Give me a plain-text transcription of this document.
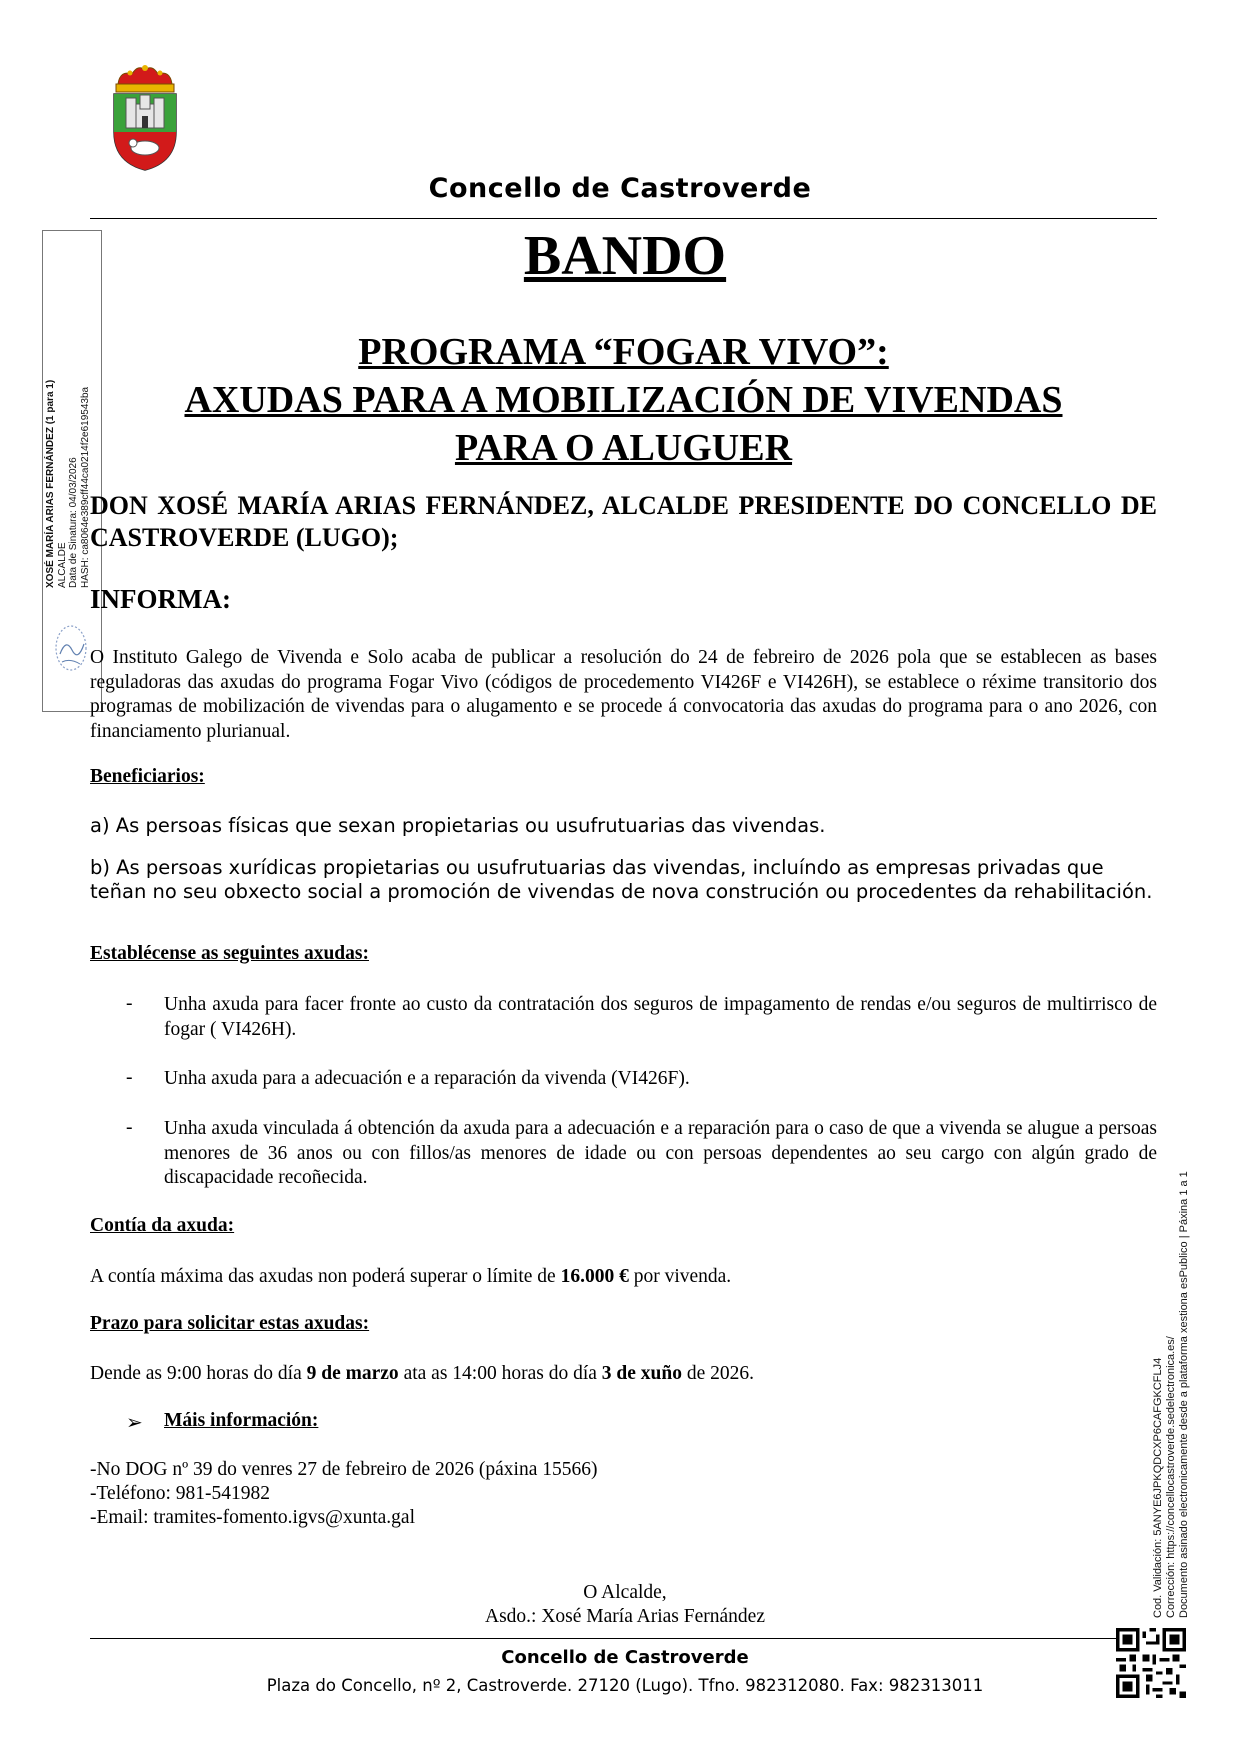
Concello de Castroverde
BANDO
PROGRAMA “FOGAR VIVO”:
AXUDAS PARA A MOBILIZACIÓN DE VIVENDAS
PARA O ALUGUER
XOSÉ MARÍA ARIAS FERNÁNDEZ (1 para 1) ALCALDE Data de Sinatura: 04/03/2026 HASH: ca8064e389cff44ca0214f2e619543ba DON XOSÉ MARÍA ARIAS FERNÁNDEZ, ALCALDE PRESIDENTE DO CONCELLO DE CASTROVERDE (LUGO);
INFORMA:
O Instituto Galego de Vivenda e Solo acaba de publicar a resolución do 24 de febreiro de 2026 pola que se establecen as bases reguladoras das axudas do programa Fogar Vivo (códigos de procedemento VI426F e VI426H), se establece o réxime transitorio dos programas de mobilización de vivendas para o alugamento e se procede á convocatoria das axudas do programa para o ano 2026, con financiamento plurianual.
Beneficiarios:
a) As persoas físicas que sexan propietarias ou usufrutuarias das vivendas.
b) As persoas xurídicas propietarias ou usufrutuarias das vivendas, incluíndo as empresas privadas que teñan no seu obxecto social a promoción de vivendas de nova construción ou procedentes da rehabilitación.
Establécense as seguintes axudas:
- Unha axuda para facer fronte ao custo da contratación dos seguros de impagamento de rendas e/ou seguros de multirrisco de fogar ( VI426H).
- Unha axuda para a adecuación e a reparación da vivenda (VI426F).
- Unha axuda vinculada á obtención da axuda para a adecuación e a reparación para o caso de que a vivenda se alugue a persoas menores de 36 anos ou con fillos/as menores de idade ou con persoas dependentes ao seu cargo con algún grado de discapacidade recoñecida.
Contía da axuda:
A contía máxima das axudas non poderá superar o límite de 16.000 € por vivenda.
Prazo para solicitar estas axudas:
Dende as 9:00 horas do día 9 de marzo ata as 14:00 horas do día 3 de xuño de 2026.
➢ Máis información:
-No DOG nº 39 do venres 27 de febreiro de 2026 (páxina 15566)
-Teléfono: 981-541982
-Email: tramites-fomento.igvs@xunta.gal
O Alcalde,
Asdo.: Xosé María Arias Fernández
Concello de Castroverde
Plaza do Concello, nº 2, Castroverde. 27120 (Lugo). Tfno. 982312080. Fax: 982313011
Cod. Validación: 5ANYE6JPKQDCXP6CAFGKCFLJ4 Corrección: https://concellocastroverde.sedelectronica.es/ Documento asinado electronicamente desde a plataforma xestiona esPublico | Páxina 1 a 1
